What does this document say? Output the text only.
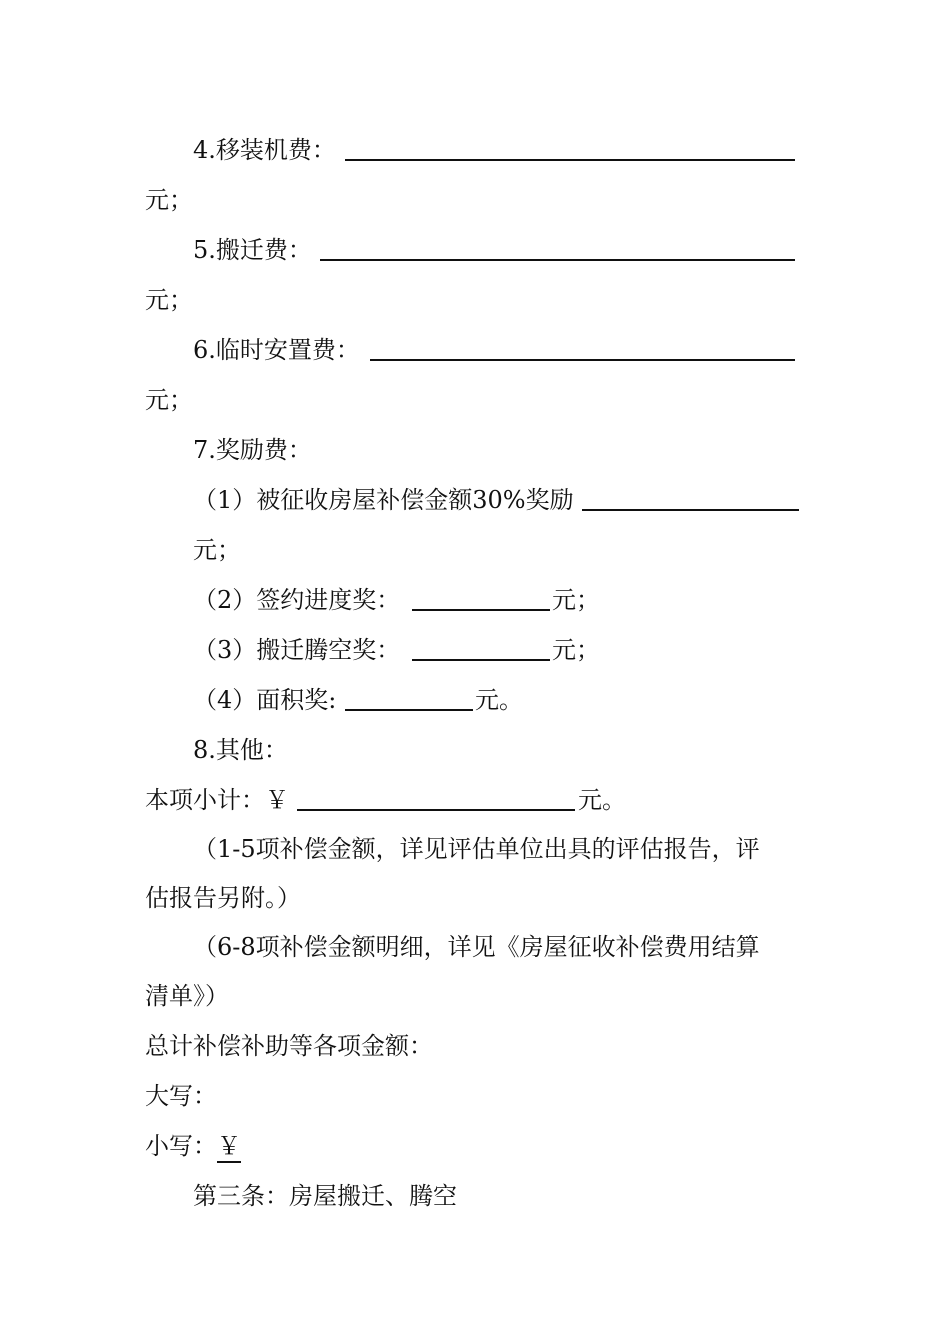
4.移装机费：
元；
5.搬迁费：
元；
6.临时安置费：
元；
7.奖励费：
（1）被征收房屋补偿金额30%奖励
元；
（2）签约进度奖：	元；
（3）搬迁腾空奖：	元；
（4）面积奖:	元。
8.其他：
本项小计：￥	元。
（1-5项补偿金额，详见评估单位出具的评估报告，评
估报告另附。）
（6-8项补偿金额明细，详见《房屋征收补偿费用结算
清单》）
总计补偿补助等各项金额：
大写：
小写：￥
第三条：房屋搬迁、腾空
